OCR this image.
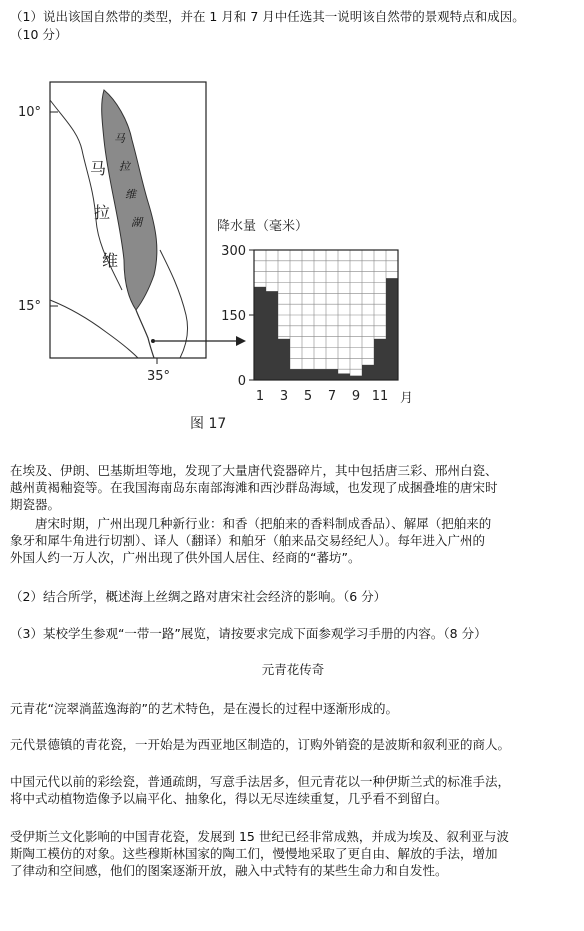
（1）说出该国自然带的类型，并在 1 月和 7 月中任选其一说明该自然带的景观特点和成因。

（10 分）

10°
15°
35°
马
拉
维
马
拉
维
湖	降水量（毫米）
0
150
300
1 3 5 7 9 11 月
图 17

在埃及、伊朗、巴基斯坦等地，发现了大量唐代瓷器碎片，其中包括唐三彩、邢州白瓷、

越州黄褐釉瓷等。在我国海南岛东南部海滩和西沙群岛海域，也发现了成捆叠堆的唐宋时

期瓷器。

　　唐宋时期，广州出现几种新行业：和香（把舶来的香料制成香品）、解犀（把舶来的

象牙和犀牛角进行切割）、译人（翻译）和舶牙（舶来品交易经纪人）。每年进入广州的

外国人约一万人次，广州出现了供外国人居住、经商的“蕃坊”。

（2）结合所学，概述海上丝绸之路对唐宋社会经济的影响。（6 分）

（3）某校学生参观“一带一路”展览，请按要求完成下面参观学习手册的内容。（8 分）

元青花传奇

元青花“浣翠淌蓝逸海韵”的艺术特色，是在漫长的过程中逐渐形成的。

元代景德镇的青花瓷，一开始是为西亚地区制造的，订购外销瓷的是波斯和叙利亚的商人。

中国元代以前的彩绘瓷，普通疏朗，写意手法居多，但元青花以一种伊斯兰式的标准手法，

将中式动植物造像予以扁平化、抽象化，得以无尽连续重复，几乎看不到留白。

受伊斯兰文化影响的中国青花瓷，发展到 15 世纪已经非常成熟，并成为埃及、叙利亚与波

斯陶工模仿的对象。这些穆斯林国家的陶工们，慢慢地采取了更自由、解放的手法，增加

了律动和空间感，他们的图案逐渐开放，融入中式特有的某些生命力和自发性。
